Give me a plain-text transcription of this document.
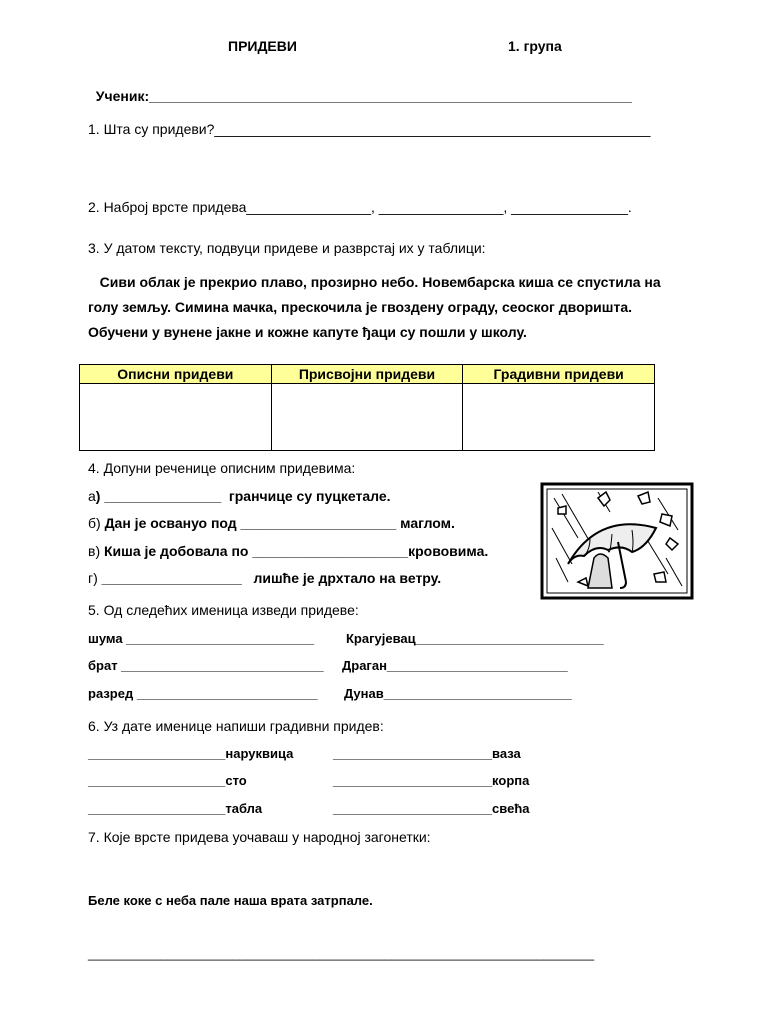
ПРИДЕВИ	1. група

Ученик:______________________________________________________________

1. Шта су придеви?________________________________________________________
2. Наброј врсте придева________________, ________________, _______________.
3. У датом тексту, подвуци придеве и разврстај их у таблици:
Сиви облак је прекрио плаво, прозирно небо. Новембарска киша се спустила на
голу земљу. Симина мачка, прескочила је гвоздену ограду, сеоског дворишта.
Обучени у вунене јакне и кожне капуте ђаци су пошли у школу.
Описни придеви	Присвојни придеви	Градивни придеви

4. Допуни реченице описним придевима:
а) _______________  гранчице су пуцкетале.
б) Дан је освануо под ____________________ маглом.
в) Киша је добовала по ____________________крововима.
г) __________________   лишће је дрхтало на ветру.
5. Од следећих именица изведи придеве:
шума __________________________ Крагујевац__________________________
брат ____________________________ Драган_________________________
разред _________________________ Дунав__________________________
6. Уз дате именице напиши градивни придев:
___________________наруквица	______________________ваза
___________________сто	______________________корпа
___________________табла	______________________свећа
7. Које врсте придева уочаваш у народној загонетки:
Беле коке с неба пале наша врата затрпале.
______________________________________________________________________
